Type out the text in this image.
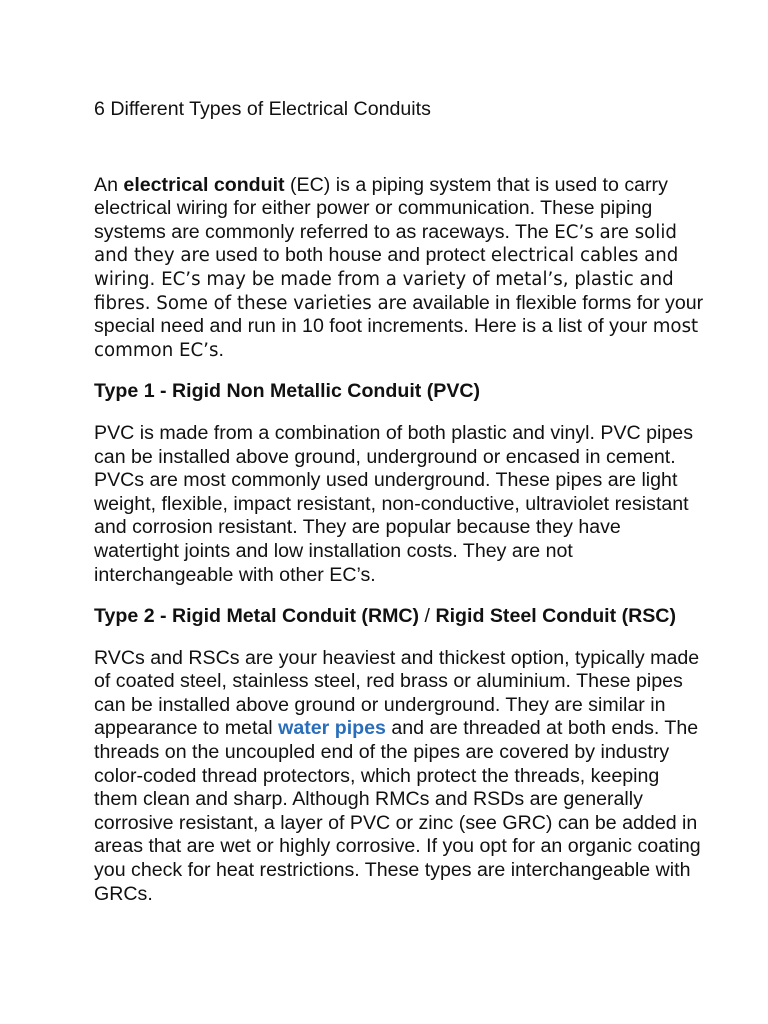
6 Different Types of Electrical Conduits

An electrical conduit (EC) is a piping system that is used to carry electrical wiring for either power or communication. These piping systems are commonly referred to as raceways. The EC’s are solid and they are used to both house and protect electrical cables and wiring. EC’s may be made from a variety of metal’s, plastic and fibres. Some of these varieties are available in flexible forms for your special need and run in 10 foot increments. Here is a list of your most common EC’s.

Type 1 - Rigid Non Metallic Conduit (PVC)

PVC is made from a combination of both plastic and vinyl. PVC pipes can be installed above ground, underground or encased in cement. PVCs are most commonly used underground. These pipes are light weight, flexible, impact resistant, non-conductive, ultraviolet resistant and corrosion resistant. They are popular because they have watertight joints and low installation costs. They are not interchangeable with other EC’s.

Type 2 - Rigid Metal Conduit (RMC) / Rigid Steel Conduit (RSC)

RVCs and RSCs are your heaviest and thickest option, typically made of coated steel, stainless steel, red brass or aluminium. These pipes can be installed above ground or underground. They are similar in appearance to metal water pipes and are threaded at both ends. The threads on the uncoupled end of the pipes are covered by industry color-coded thread protectors, which protect the threads, keeping them clean and sharp. Although RMCs and RSDs are generally corrosive resistant, a layer of PVC or zinc (see GRC) can be added in areas that are wet or highly corrosive. If you opt for an organic coating you check for heat restrictions. These types are interchangeable with GRCs.
